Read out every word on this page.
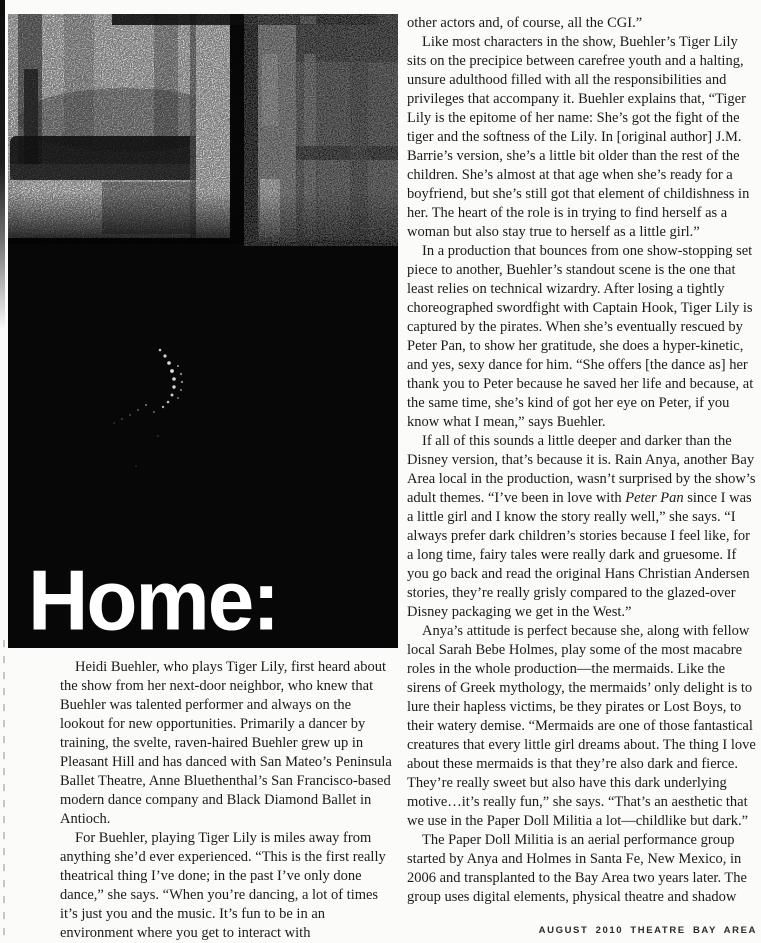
Home:

Heidi Buehler, who plays Tiger Lily, first heard about the show from her next-door neighbor, who knew that Buehler was talented performer and always on the lookout for new opportunities. Primarily a dancer by training, the svelte, raven-haired Buehler grew up in Pleasant Hill and has danced with San Mateo’s Peninsula Ballet Theatre, Anne Bluethenthal’s San Francisco-based modern dance company and Black Diamond Ballet in Antioch.

For Buehler, playing Tiger Lily is miles away from anything she’d ever experienced. “This is the first really theatrical thing I’ve done; in the past I’ve only done dance,” she says. “When you’re dancing, a lot of times it’s just you and the music. It’s fun to be in an environment where you get to interact with

other actors and, of course, all the CGI.”

Like most characters in the show, Buehler’s Tiger Lily sits on the precipice between carefree youth and a halting, unsure adulthood filled with all the responsibilities and privileges that accompany it. Buehler explains that, “Tiger Lily is the epitome of her name: She’s got the fight of the tiger and the softness of the Lily. In [original author] J.M. Barrie’s version, she’s a little bit older than the rest of the children. She’s almost at that age when she’s ready for a boyfriend, but she’s still got that element of childishness in her. The heart of the role is in trying to find herself as a woman but also stay true to herself as a little girl.”

In a production that bounces from one show-stopping set piece to another, Buehler’s standout scene is the one that least relies on technical wizardry. After losing a tightly choreographed swordfight with Captain Hook, Tiger Lily is captured by the pirates. When she’s eventually rescued by Peter Pan, to show her gratitude, she does a hyper-kinetic, and yes, sexy dance for him. “She offers [the dance as] her thank you to Peter because he saved her life and because, at the same time, she’s kind of got her eye on Peter, if you know what I mean,” says Buehler.

If all of this sounds a little deeper and darker than the Disney version, that’s because it is. Rain Anya, another Bay Area local in the production, wasn’t surprised by the show’s adult themes. “I’ve been in love with Peter Pan since I was a little girl and I know the story really well,” she says. “I always prefer dark children’s stories because I feel like, for a long time, fairy tales were really dark and gruesome. If you go back and read the original Hans Christian Andersen stories, they’re really grisly compared to the glazed-over Disney packaging we get in the West.”

Anya’s attitude is perfect because she, along with fellow local Sarah Bebe Holmes, play some of the most macabre roles in the whole production—the mermaids. Like the sirens of Greek mythology, the mermaids’ only delight is to lure their hapless victims, be they pirates or Lost Boys, to their watery demise. “Mermaids are one of those fantastical creatures that every little girl dreams about. The thing I love about these mermaids is that they’re also dark and fierce. They’re really sweet but also have this dark underlying motive…it’s really fun,” she says. “That’s an aesthetic that we use in the Paper Doll Militia a lot—childlike but dark.”

The Paper Doll Militia is an aerial performance group started by Anya and Holmes in Santa Fe, New Mexico, in 2006 and transplanted to the Bay Area two years later. The group uses digital elements, physical theatre and shadow

AUGUST 2010 THEATRE BAY AREA
